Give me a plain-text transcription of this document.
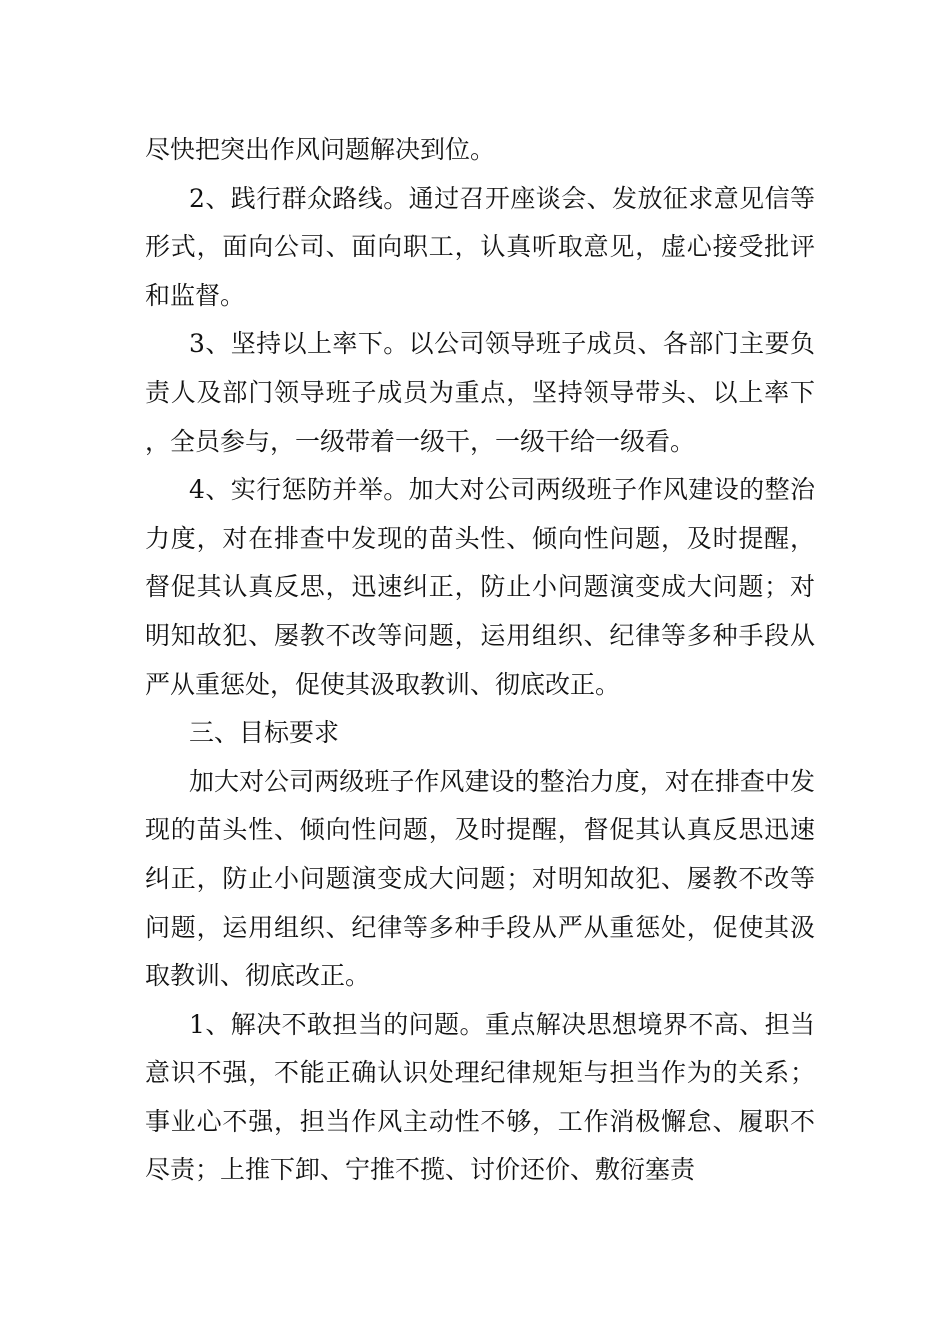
尽快把突出作风问题解决到位。

2、践行群众路线。通过召开座谈会、发放征求意见信等形式，面向公司、面向职工，认真听取意见，虚心接受批评和监督。

3、坚持以上率下。以公司领导班子成员、各部门主要负责人及部门领导班子成员为重点，坚持领导带头、以上率下，全员参与，一级带着一级干，一级干给一级看。

4、实行惩防并举。加大对公司两级班子作风建设的整治力度，对在排查中发现的苗头性、倾向性问题，及时提醒，督促其认真反思，迅速纠正，防止小问题演变成大问题；对明知故犯、屡教不改等问题，运用组织、纪律等多种手段从严从重惩处，促使其汲取教训、彻底改正。

三、目标要求

加大对公司两级班子作风建设的整治力度，对在排查中发现的苗头性、倾向性问题，及时提醒，督促其认真反思迅速纠正，防止小问题演变成大问题；对明知故犯、屡教不改等问题，运用组织、纪律等多种手段从严从重惩处，促使其汲取教训、彻底改正。

1、解决不敢担当的问题。重点解决思想境界不高、担当意识不强，不能正确认识处理纪律规矩与担当作为的关系；事业心不强，担当作风主动性不够，工作消极懈怠、履职不尽责；上推下卸、宁推不揽、讨价还价、敷衍塞责
